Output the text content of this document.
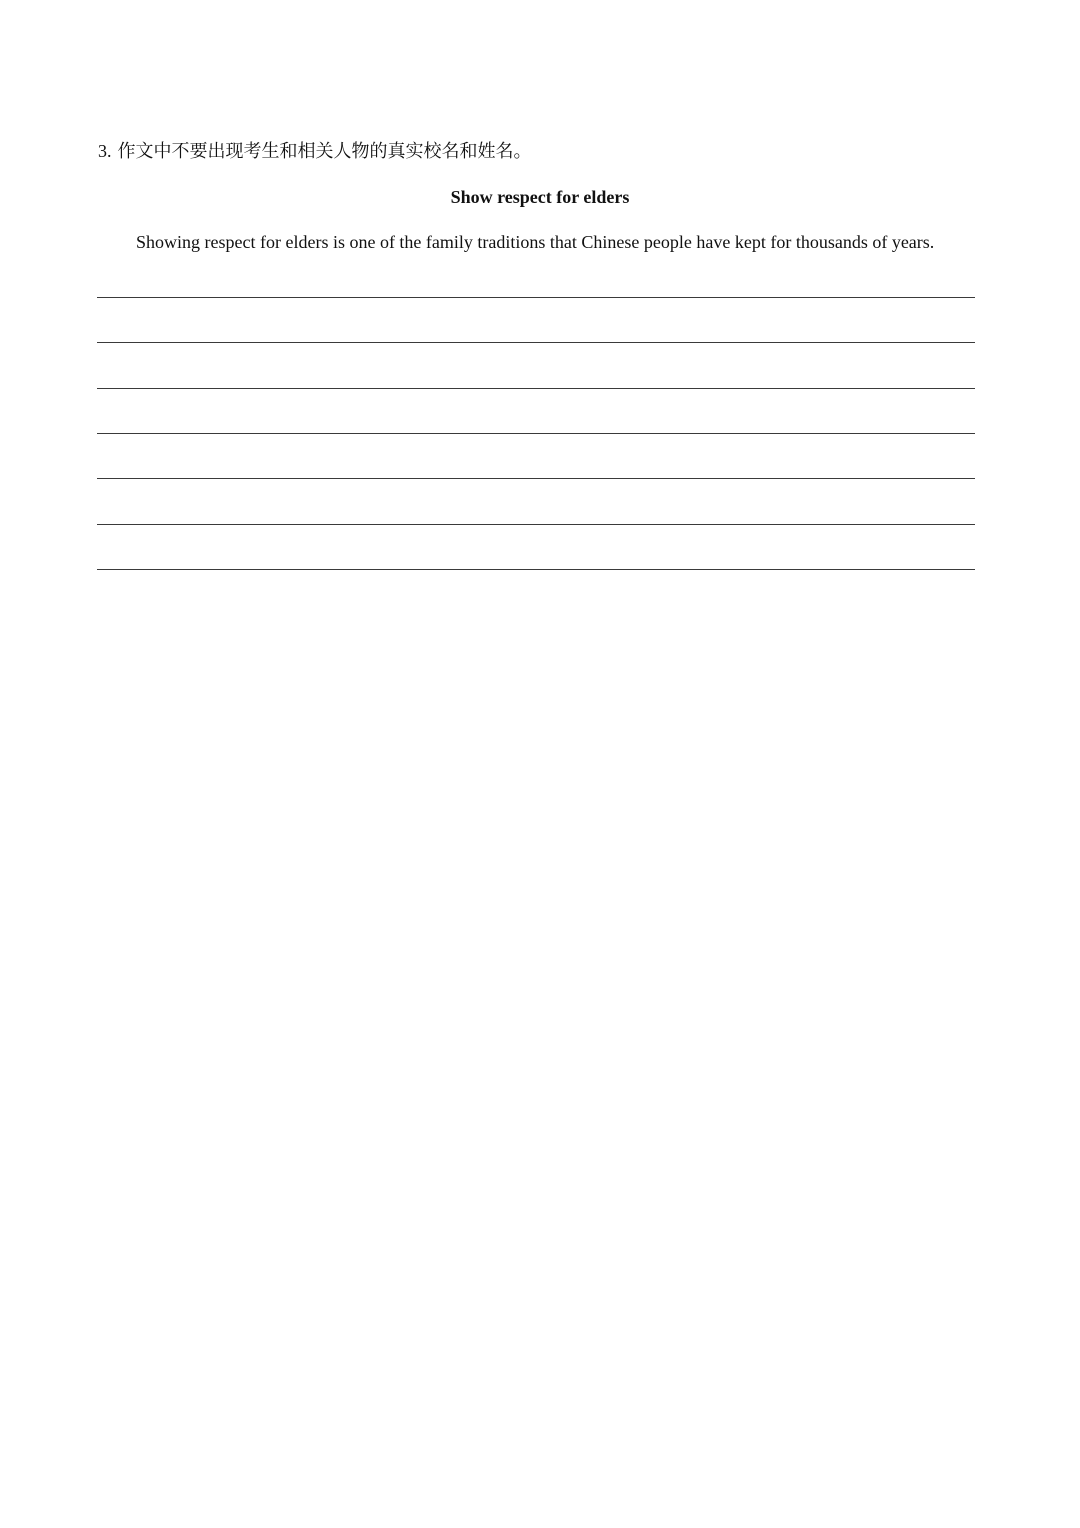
3. 作文中不要出现考生和相关人物的真实校名和姓名。
Show respect for elders
Showing respect for elders is one of the family traditions that Chinese people have kept for thousands of years.
